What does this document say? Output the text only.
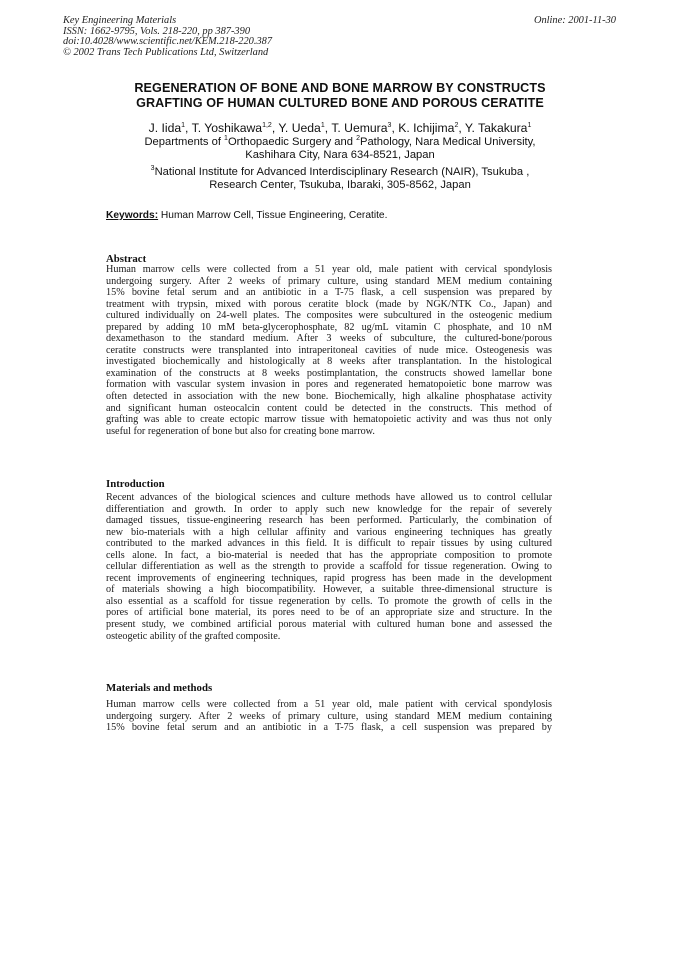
Key Engineering Materials
ISSN: 1662-9795, Vols. 218-220, pp 387-390
doi:10.4028/www.scientific.net/KEM.218-220.387
© 2002 Trans Tech Publications Ltd, Switzerland
Online: 2001-11-30
REGENERATION OF BONE AND BONE MARROW BY CONSTRUCTS
GRAFTING OF HUMAN CULTURED BONE AND POROUS CERATITE
J. Iida$^1$, T. Yoshikawa$^{1,2}$, Y. Ueda$^1$, T. Uemura$^3$, K. Ichijima$^2$, Y. Takakura$^1$
Departments of $^1$Orthopaedic Surgery and $^2$Pathology, Nara Medical University,
Kashihara City, Nara 634-8521, Japan
$^3$National Institute for Advanced Interdisciplinary Research (NAIR), Tsukuba ,
Research Center, Tsukuba, Ibaraki, 305-8562, Japan
Keywords: Human Marrow Cell, Tissue Engineering, Ceratite.
Abstract
Human marrow cells were collected from a 51 year old, male patient with cervical spondylosis
undergoing surgery. After 2 weeks of primary culture, using standard MEM medium containing
15% bovine fetal serum and an antibiotic in a T-75 flask, a cell suspension was prepared by
treatment with trypsin, mixed with porous ceratite block (made by NGK/NTK Co., Japan) and
cultured individually on 24-well plates. The composites were subcultured in the osteogenic medium
prepared by adding 10 mM beta-glycerophosphate, 82 ug/mL vitamin C phosphate, and 10 nM
dexamethason to the standard medium. After 3 weeks of subculture, the cultured-bone/porous
ceratite constructs were transplanted into intraperitoneal cavities of nude mice. Osteogenesis was
investigated biochemically and histologically at 8 weeks after transplantation. In the histological
examination of the constructs at 8 weeks postimplantation, the constructs showed lamellar bone
formation with vascular system invasion in pores and regenerated hematopoietic bone marrow was
often detected in association with the new bone. Biochemically, high alkaline phosphatase activity
and significant human osteocalcin content could be detected in the constructs. This method of
grafting was able to create ectopic marrow tissue with hematopoietic activity and was thus not only
useful for regeneration of bone but also for creating bone marrow.
Introduction
Recent advances of the biological sciences and culture methods have allowed us to control cellular
differentiation and growth. In order to apply such new knowledge for the repair of severely
damaged tissues, tissue-engineering research has been performed. Particularly, the combination of
new bio-materials with a high cellular affinity and various engineering techniques has greatly
contributed to the marked advances in this field. It is difficult to repair tissues by using cultured
cells alone. In fact, a bio-material is needed that has the appropriate composition to promote
cellular differentiation as well as the strength to provide a scaffold for tissue regeneration. Owing to
recent improvements of engineering techniques, rapid progress has been made in the development
of materials showing a high biocompatibility. However, a suitable three-dimensional structure is
also essential as a scaffold for tissue regeneration by cells. To promote the growth of cells in the
pores of artificial bone material, its pores need to be of an appropriate size and structure. In the
present study, we combined artificial porous material with cultured human bone and assessed the
osteogetic ability of the grafted composite.
Materials and methods
Human marrow cells were collected from a 51 year old, male patient with cervical spondylosis
undergoing surgery. After 2 weeks of primary culture, using standard MEM medium containing
15% bovine fetal serum and an antibiotic in a T-75 flask, a cell suspension was prepared by
